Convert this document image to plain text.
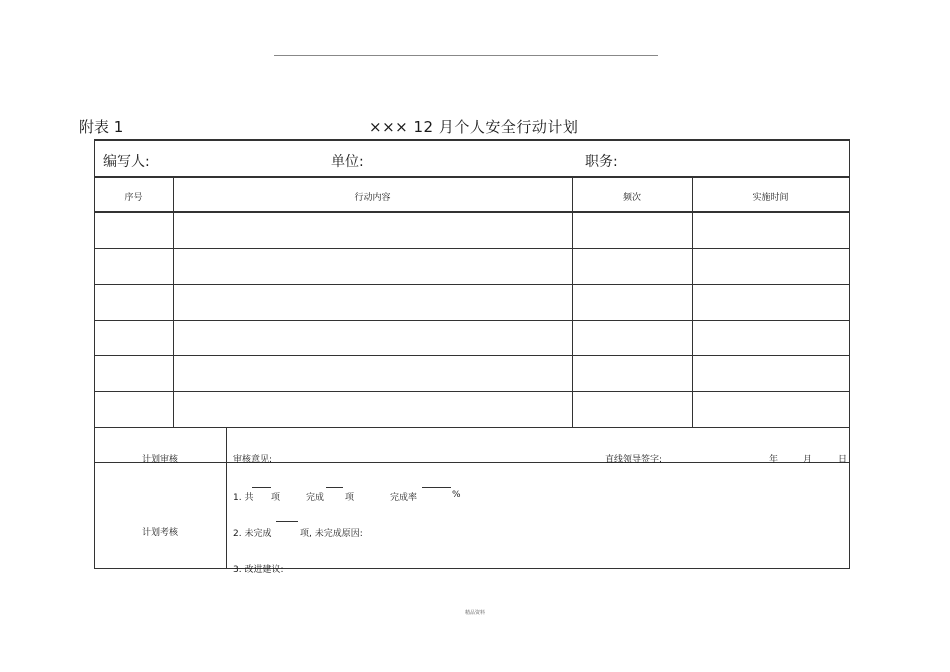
附表 1	××× 12 月个人安全行动计划
编写人:	单位:	职务:
序号	行动内容	频次	实施时间
计划审核	审核意见:	直线领导签字:	年	月	日
计划考核
1. 共 项	完成 项	完成率	%
2. 未完成	项, 未完成原因:
3. 改进建议:
精品资料
